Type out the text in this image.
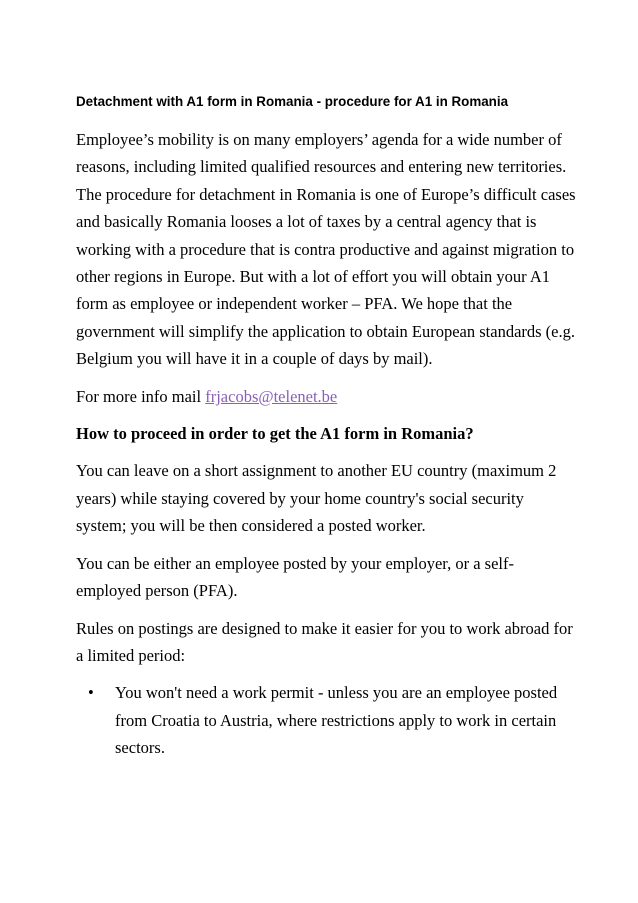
Detachment with A1 form in Romania - procedure for A1 in Romania

Employee’s mobility is on many employers’ agenda for a wide number of reasons, including limited qualified resources and entering new territories. The procedure for detachment in Romania is one of Europe’s difficult cases and basically Romania looses a lot of taxes by a central agency that is working with a procedure that is contra productive and against migration to other regions in Europe. But with a lot of effort you will obtain your A1 form as employee or independent worker – PFA. We hope that the government will simplify the application to obtain European standards (e.g. Belgium you will have it in a couple of days by mail).

For more info mail frjacobs@telenet.be

How to proceed in order to get the A1 form in Romania?

You can leave on a short assignment to another EU country (maximum 2 years) while staying covered by your home country's social security system; you will be then considered a posted worker.

You can be either an employee posted by your employer, or a self-employed person (PFA).

Rules on postings are designed to make it easier for you to work abroad for a limited period:

• You won't need a work permit - unless you are an employee posted from Croatia to Austria, where restrictions apply to work in certain sectors.
